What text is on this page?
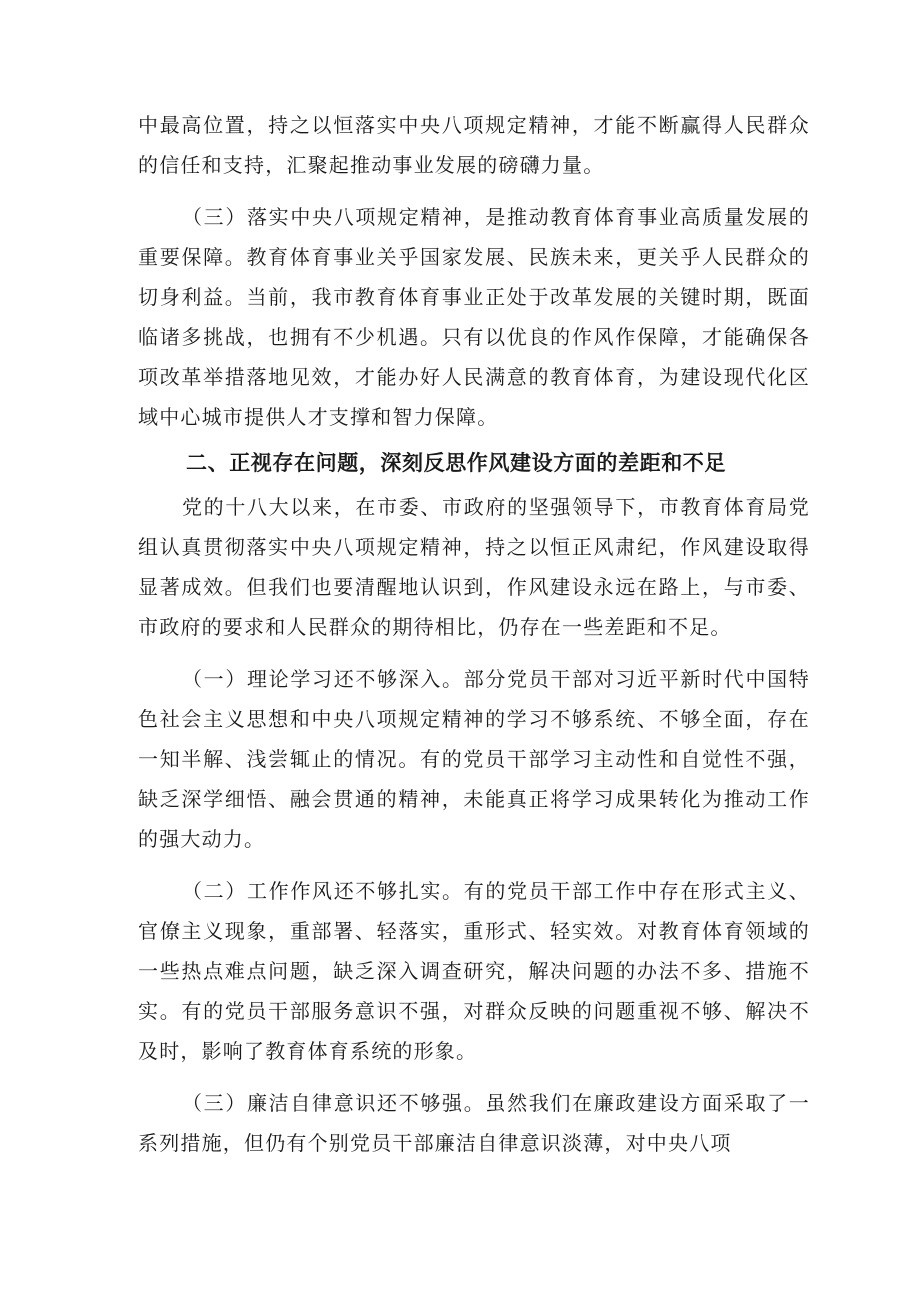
中最高位置，持之以恒落实中央八项规定精神，才能不断赢得人民群众的信任和支持，汇聚起推动事业发展的磅礴力量。

（三）落实中央八项规定精神，是推动教育体育事业高质量发展的重要保障。教育体育事业关乎国家发展、民族未来，更关乎人民群众的切身利益。当前，我市教育体育事业正处于改革发展的关键时期，既面临诸多挑战，也拥有不少机遇。只有以优良的作风作保障，才能确保各项改革举措落地见效，才能办好人民满意的教育体育，为建设现代化区域中心城市提供人才支撑和智力保障。

二、正视存在问题，深刻反思作风建设方面的差距和不足

党的十八大以来，在市委、市政府的坚强领导下，市教育体育局党组认真贯彻落实中央八项规定精神，持之以恒正风肃纪，作风建设取得显著成效。但我们也要清醒地认识到，作风建设永远在路上，与市委、市政府的要求和人民群众的期待相比，仍存在一些差距和不足。

（一）理论学习还不够深入。部分党员干部对习近平新时代中国特色社会主义思想和中央八项规定精神的学习不够系统、不够全面，存在一知半解、浅尝辄止的情况。有的党员干部学习主动性和自觉性不强，缺乏深学细悟、融会贯通的精神，未能真正将学习成果转化为推动工作的强大动力。

（二）工作作风还不够扎实。有的党员干部工作中存在形式主义、官僚主义现象，重部署、轻落实，重形式、轻实效。对教育体育领域的一些热点难点问题，缺乏深入调查研究，解决问题的办法不多、措施不实。有的党员干部服务意识不强，对群众反映的问题重视不够、解决不及时，影响了教育体育系统的形象。

（三）廉洁自律意识还不够强。虽然我们在廉政建设方面采取了一系列措施，但仍有个别党员干部廉洁自律意识淡薄，对中央八项
